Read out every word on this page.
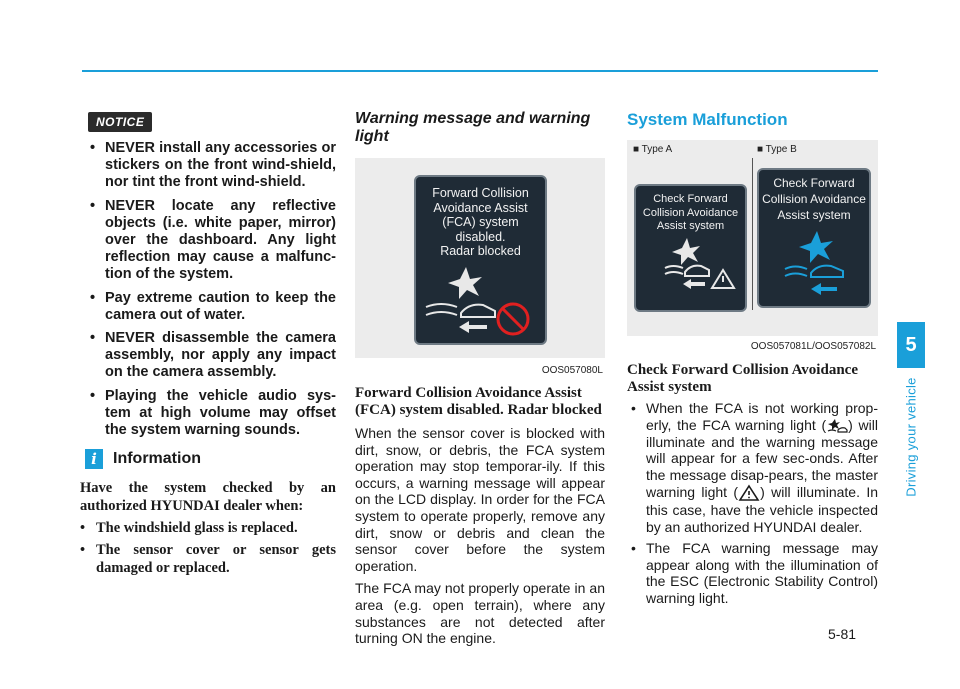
5
Driving your vehicle
5-81
NOTICE
• NEVER install any accessories or stickers on the front wind-shield, nor tint the front wind-shield.
• NEVER locate any reflective objects (i.e. white paper, mirror) over the dashboard. Any light reflection may cause a malfunc-tion of the system.
• Pay extreme caution to keep the camera out of water.
• NEVER disassemble the camera assembly, nor apply any impact on the camera assembly.
• Playing the vehicle audio sys-tem at high volume may offset the system warning sounds.
i	Information

Have the system checked by an authorized HYUNDAI dealer when:

• The windshield glass is replaced.
• The sensor cover or sensor gets damaged or replaced.
Warning message and warning light
Forward Collision
Avoidance Assist
(FCA) system
disabled.
Radar blocked
OOS057080L
Forward Collision Avoidance Assist (FCA) system disabled. Radar blocked

When the sensor cover is blocked with dirt, snow, or debris, the FCA system operation may stop temporar-ily. If this occurs, a warning message will appear on the LCD display. In order for the FCA system to operate properly, remove any dirt, snow or debris and clean the sensor cover before the system operation.

The FCA may not properly operate in an area (e.g. open terrain), where any substances are not detected after turning ON the engine.

System Malfunction
■ Type A	■ Type B
Check Forward
Collision Avoidance
Assist system
Check Forward
Collision Avoidance
Assist system
OOS057081L/OOS057082L
Check Forward Collision Avoidance Assist system
• When the FCA is not working prop-erly, the FCA warning light ( ) will illuminate and the warning message will appear for a few sec-onds. After the message disap-pears, the master warning light ( ) will illuminate. In this case, have the vehicle inspected by an authorized HYUNDAI dealer.
• The FCA warning message may appear along with the illumination of the ESC (Electronic Stability Control) warning light.
